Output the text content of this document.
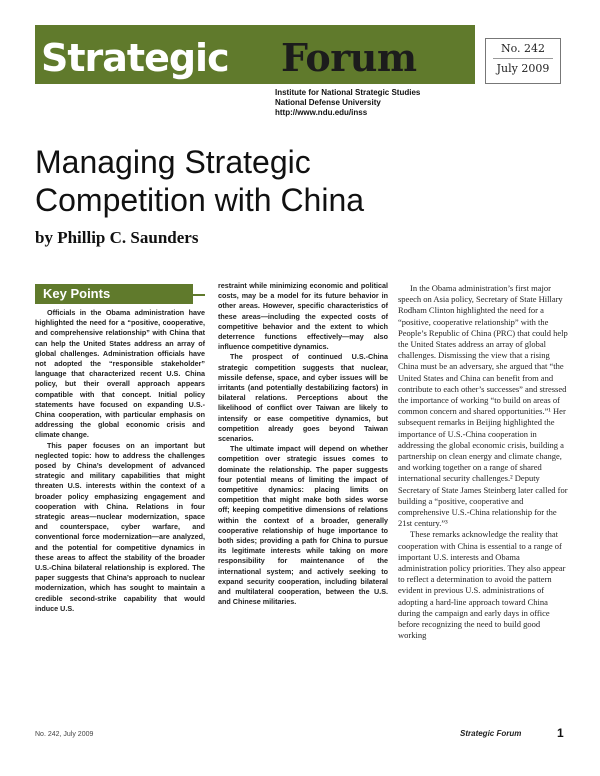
Strategic Forum	No. 242
July 2009
Institute for National Strategic Studies
National Defense University
http://www.ndu.edu/inss
Managing Strategic
Competition with China
by Phillip C. Saunders
Key Points

Officials in the Obama administration have highlighted the need for a “positive, cooperative, and comprehensive relationship” with China that can help the United States address an array of global challenges. Administration officials have not adopted the “responsible stakeholder” language that characterized recent U.S. China policy, but their overall approach appears compatible with that concept. Initial policy statements have focused on expanding U.S.-China cooperation, with particular emphasis on addressing the global economic crisis and climate change.

This paper focuses on an important but neglected topic: how to address the challenges posed by China’s development of advanced strategic and military capabilities that might threaten U.S. interests within the context of a broader policy emphasizing engagement and cooperation with China. Relations in four strategic areas—nuclear modernization, space and counterspace, cyber warfare, and conventional force modernization—are analyzed, and the potential for competitive dynamics in these areas to affect the stability of the broader U.S.-China bilateral relationship is explored. The paper suggests that China’s approach to nuclear modernization, which has sought to maintain a credible second-strike capability that would induce U.S.

restraint while minimizing economic and political costs, may be a model for its future behavior in other areas. However, specific characteristics of these areas—including the expected costs of competitive behavior and the extent to which deterrence functions effectively—may also influence competitive dynamics.

The prospect of continued U.S.-China strategic competition suggests that nuclear, missile defense, space, and cyber issues will be irritants (and potentially destabilizing factors) in bilateral relations. Perceptions about the likelihood of conflict over Taiwan are likely to intensify or ease competitive dynamics, but competition already goes beyond Taiwan scenarios.

The ultimate impact will depend on whether competition over strategic issues comes to dominate the relationship. The paper suggests four potential means of limiting the impact of competitive dynamics: placing limits on competition that might make both sides worse off; keeping competitive dimensions of relations within the context of a broader, generally cooperative relationship of huge importance to both sides; providing a path for China to pursue its legitimate interests while taking on more responsibility for maintenance of the international system; and actively seeking to expand security cooperation, including bilateral and multilateral cooperation, between the U.S. and Chinese militaries.

In the Obama administration’s first major speech on Asia policy, Secretary of State Hillary Rodham Clinton highlighted the need for a “positive, cooperative relationship” with the People’s Republic of China (PRC) that could help the United States address an array of global challenges. Dismissing the view that a rising China must be an adversary, she argued that “the United States and China can benefit from and contribute to each other’s successes” and stressed the importance of working “to build on areas of common concern and shared opportunities.”¹ Her subsequent remarks in Beijing highlighted the importance of U.S.-China cooperation in addressing the global economic crisis, building a partnership on clean energy and climate change, and working together on a range of shared international security challenges.² Deputy Secretary of State James Steinberg later called for building a “positive, cooperative and comprehensive U.S.-China relationship for the 21st century.”³

These remarks acknowledge the reality that cooperation with China is essential to a range of important U.S. interests and Obama administration policy priorities. They also appear to reflect a determination to avoid the pattern evident in previous U.S. administrations of adopting a hard-line approach toward China during the campaign and early days in office before recognizing the need to build good working

No. 242, July 2009	Strategic Forum	1
